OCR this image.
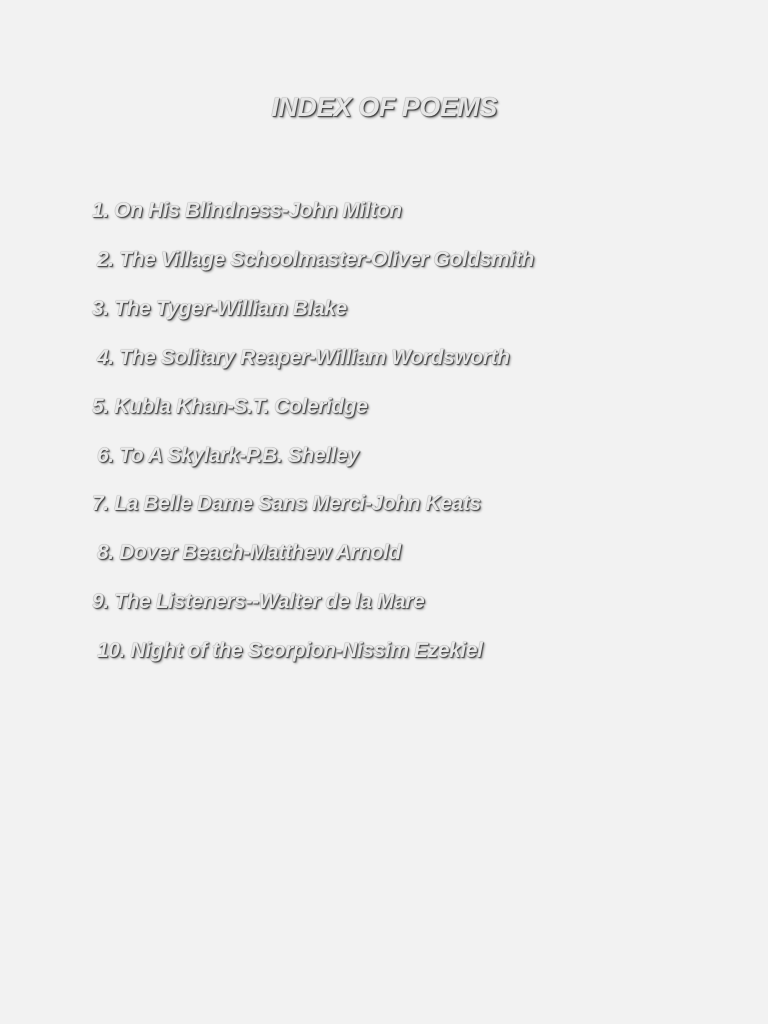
INDEX OF POEMS
1. On His Blindness-John Milton
2. The Village Schoolmaster-Oliver Goldsmith
3. The Tyger-William Blake
4. The Solitary Reaper-William Wordsworth
5. Kubla Khan-S.T. Coleridge
6. To A Skylark-P.B. Shelley
7. La Belle Dame Sans Merci-John Keats
8. Dover Beach-Matthew Arnold
9. The Listeners--Walter de la Mare
10. Night of the Scorpion-Nissim Ezekiel
